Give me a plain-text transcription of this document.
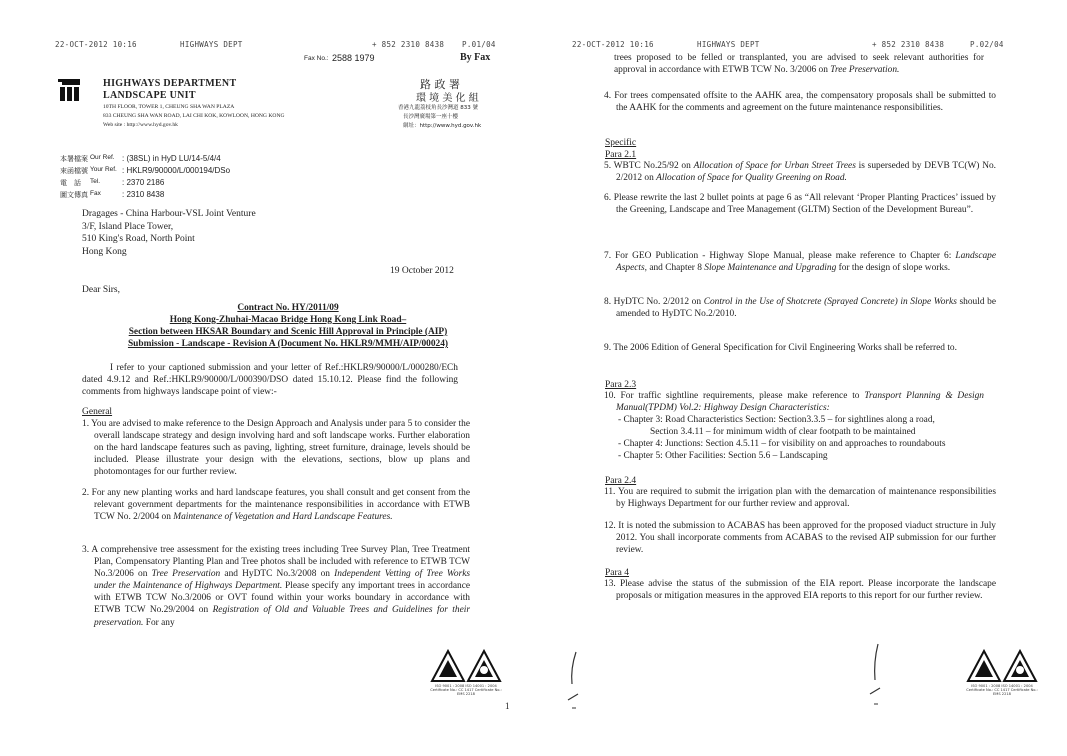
22-OCT-2012 10:16	HIGHWAYS DEPT	+ 852 2310 8438 P.01/04
Fax No.: 2588 1979	By Fax
HIGHWAYS DEPARTMENT
LANDSCAPE UNIT
10TH FLOOR, TOWER 1, CHEUNG SHA WAN PLAZA
833 CHEUNG SHA WAN ROAD, LAI CHI KOK, KOWLOON, HONG KONG
Web site : http://www.hyd.gov.hk
路 政 署
環 境 美 化 組
香港九龍荔枝角長沙灣道 833 號
長沙灣廣場第一座十樓
網址：http://www.hyd.gov.hk
本署檔案 Our Ref. : (38SL) in HyD LU/14-5/4/4
來函檔號 Your Ref. : HKLR9/90000/L/000194/DSo
電　話	Tel.	: 2370 2186
圖文傳真 Fax	: 2310 8438
Dragages - China Harbour-VSL Joint Venture
3/F, Island Place Tower,
510 King's Road, North Point
Hong Kong
19 October 2012
Dear Sirs,
Contract No. HY/2011/09
Hong Kong-Zhuhai-Macao Bridge Hong Kong Link Road–
Section between HKSAR Boundary and Scenic Hill Approval in Principle (AIP)
Submission - Landscape - Revision A (Document No. HKLR9/MMH/AIP/00024)

I refer to your captioned submission and your letter of Ref.:HKLR9/90000/L/000280/ECh dated 4.9.12 and Ref.:HKLR9/90000/L/000390/DSO dated 15.10.12. Please find the following comments from highways landscape point of view:-

General

1. You are advised to make reference to the Design Approach and Analysis under para 5 to consider the overall landscape strategy and design involving hard and soft landscape works. Further elaboration on the hard landscape features such as paving, lighting, street furniture, drainage, levels should be included. Please illustrate your design with the elevations, sections, blow up plans and photomontages for our further review.

2. For any new planting works and hard landscape features, you shall consult and get consent from the relevant government departments for the maintenance responsibilities in accordance with ETWB TCW No. 2/2004 on Maintenance of Vegetation and Hard Landscape Features.

3. A comprehensive tree assessment for the existing trees including Tree Survey Plan, Tree Treatment Plan, Compensatory Planting Plan and Tree photos shall be included with reference to ETWB TCW No.3/2006 on Tree Preservation and HyDTC No.3/2008 on Independent Vetting of Tree Works under the Maintenance of Highways Department. Please specify any important trees in accordance with ETWB TCW No.3/2006 or OVT found within your works boundary in accordance with ETWB TCW No.29/2004 on Registration of Old and Valuable Trees and Guidelines for their preservation. For any

ISO 9001 : 2008 ISO 14001 : 2004 Certificate No.: CC 1417 Certificate No.: EMS 2218
1
22-OCT-2012 10:16	HIGHWAYS DEPT	+ 852 2310 8438	P.02/04

trees proposed to be felled or transplanted, you are advised to seek relevant authorities for approval in accordance with ETWB TCW No. 3/2006 on Tree Preservation.

4. For trees compensated offsite to the AAHK area, the compensatory proposals shall be submitted to the AAHK for the comments and agreement on the future maintenance responsibilities.

Specific
Para 2.1

5. WBTC No.25/92 on Allocation of Space for Urban Street Trees is superseded by DEVB TC(W) No. 2/2012 on Allocation of Space for Quality Greening on Road.

6. Please rewrite the last 2 bullet points at page 6 as “All relevant ‘Proper Planting Practices’ issued by the Greening, Landscape and Tree Management (GLTM) Section of the Development Bureau”.

7. For GEO Publication - Highway Slope Manual, please make reference to Chapter 6: Landscape Aspects, and Chapter 8 Slope Maintenance and Upgrading for the design of slope works.

8. HyDTC No. 2/2012 on Control in the Use of Shotcrete (Sprayed Concrete) in Slope Works should be amended to HyDTC No.2/2010.

9. The 2006 Edition of General Specification for Civil Engineering Works shall be referred to.

Para 2.3

10. For traffic sightline requirements, please make reference to Transport Planning & Design Manual(TPDM) Vol.2: Highway Design Characteristics:

- Chapter 3: Road Characteristics Section: Section3.3.5 – for sightlines along a road,
Section 3.4.11 – for minimum width of clear footpath to be maintained
- Chapter 4: Junctions: Section 4.5.11 – for visibility on and approaches to roundabouts
- Chapter 5: Other Facilities: Section 5.6 – Landscaping
Para 2.4

11. You are required to submit the irrigation plan with the demarcation of maintenance responsibilities by Highways Department for our further review and approval.

12. It is noted the submission to ACABAS has been approved for the proposed viaduct structure in July 2012. You shall incorporate comments from ACABAS to the revised AIP submission for our further review.

Para 4

13. Please advise the status of the submission of the EIA report. Please incorporate the landscape proposals or mitigation measures in the approved EIA reports to this report for our further review.

ISO 9001 : 2008 ISO 14001 : 2004 Certificate No.: CC 1417 Certificate No.: EMS 2218
